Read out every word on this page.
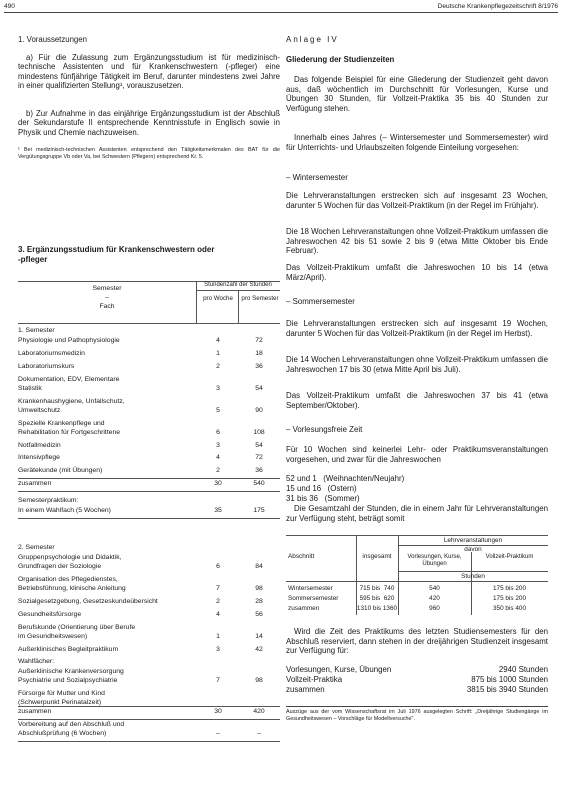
490	Deutsche Krankenpflegezeitschrift 8/1976
1. Voraussetzungen

a) Für die Zulassung zum Ergänzungsstudium ist für medizinisch-technische Assistenten und für Krankenschwestern (-pfleger) eine mindestens fünfjährige Tätigkeit im Beruf, darunter mindestens zwei Jahre in einer qualifizierten Stellung¹, vorauszusetzen.

b) Zur Aufnahme in das einjährige Ergänzungsstudium ist der Abschluß der Sekundarstufe II entsprechende Kenntnisstufe in Englisch sowie in Physik und Chemie nachzuweisen.

¹ Bei medizinisch-technischen Assistenten entsprechend den Tätigkeitsmerkmalen des BAT für die Vergütungsgruppe Vb oder Va, bei Schwestern (Pflegern) entsprechend Kr. 5.

3. Ergänzungsstudium für Krankenschwestern oder
-pfleger
Semester
–
Fach
Stundenzahl der Stunden
pro Woche	pro Semester
1. Semester
Physiologie und Pathophysiologie	4	72
Laboratoriumsmedizin	1	18
Laboratoriumskurs	2	36
Dokumentation, EDV, Elementare
Statistik	3	54
Krankenhaushygiene, Unfallschutz,
Umweltschutz	5	90
Spezielle Krankenpflege und
Rehabilitation für Fortgeschrittene	6	108
Notfallmedizin	3	54
Intensivpflege	4	72
Gerätekunde (mit Übungen)	2	36
zusammen	30	540
Semesterpraktikum:
In einem Wahlfach (5 Wochen)	35	175
2. Semester
Gruppenpsychologie und Didaktik,
Grundfragen der Soziologie	6	84
Organisation des Pflegedienstes,
Betriebsführung, klinische Anleitung	7	98
Sozialgesetzgebung, Gesetzeskundeübersicht	2	28
Gesundheitsfürsorge	4	56
Berufskunde (Orientierung über Berufe
im Gesundheitswesen)	1	14
Außerklinisches Begleitpraktikum	3	42
Wahlfächer:
Außerklinische Krankenversorgung
Psychiatrie und Sozialpsychiatrie	7	98
Fürsorge für Mutter und Kind
(Schwerpunkt Perinatalzeit)
zusammen	30	420
Vorbereitung auf den Abschluß und
Abschlußprüfung (6 Wochen)	–	–
Anlage IV
Gliederung der Studienzeiten

Das folgende Beispiel für eine Gliederung der Studienzeit geht davon aus, daß wöchentlich im Durchschnitt für Vorlesungen, Kurse und Übungen 30 Stunden, für Vollzeit-Praktika 35 bis 40 Stunden zur Verfügung stehen.

Innerhalb eines Jahres (– Wintersemester und Sommersemester) wird für Unterrichts- und Urlaubszeiten folgende Einteilung vorgesehen:

– Wintersemester

Die Lehrveranstaltungen erstrecken sich auf insgesamt 23 Wochen, darunter 5 Wochen für das Vollzeit-Praktikum (in der Regel im Frühjahr).

Die 18 Wochen Lehrveranstaltungen ohne Vollzeit-Praktikum umfassen die Jahreswochen 42 bis 51 sowie 2 bis 9 (etwa Mitte Oktober bis Ende Februar).

Das Vollzeit-Praktikum umfaßt die Jahreswochen 10 bis 14 (etwa März/April).

– Sommersemester

Die Lehrveranstaltungen erstrecken sich auf insgesamt 19 Wochen, darunter 5 Wochen für das Vollzeit-Praktikum (in der Regel im Herbst).

Die 14 Wochen Lehrveranstaltungen ohne Vollzeit-Praktikum umfassen die Jahreswochen 17 bis 30 (etwa Mitte April bis Juli).

Das Vollzeit-Praktikum umfaßt die Jahreswochen 37 bis 41 (etwa September/Oktober).

– Vorlesungsfreie Zeit

Für 10 Wochen sind keinerlei Lehr- oder Praktikumsveranstaltungen vorgesehen, und zwar für die Jahreswochen

52 und 1   (Weihnachten/Neujahr)
15 und 16   (Ostern)
31 bis 36   (Sommer)

Die Gesamtzahl der Stunden, die in einem Jahr für Lehrveranstaltungen zur Verfügung steht, beträgt somit

Abschnitt	insgesamt
Lehrveranstaltungen
davon
Vorlesungen, Kurse, Übungen
Vollzeit-Praktikum
Stunden
Wintersemester	715 bis  740	540	175 bis 200
Sommersemester	595 bis  620	420	175 bis 200
zusammen	1310 bis 1360	960	350 bis 400

Wird die Zeit des Praktikums des letzten Studiensemesters für den Abschluß reserviert, dann stehen in der dreijährigen Studienzeit insgesamt zur Verfügung für:

Vorlesungen, Kurse, Übungen	2940 Stunden
Vollzeit-Praktika	875 bis 1000 Stunden
zusammen	3815 bis 3940 Stunden

Auszüge aus der vom Wissenschaftsrat im Juli 1976 ausgelegten Schrift: „Dreijährige Studiengänge im Gesundheitswesen – Vorschläge für Modellversuche".
